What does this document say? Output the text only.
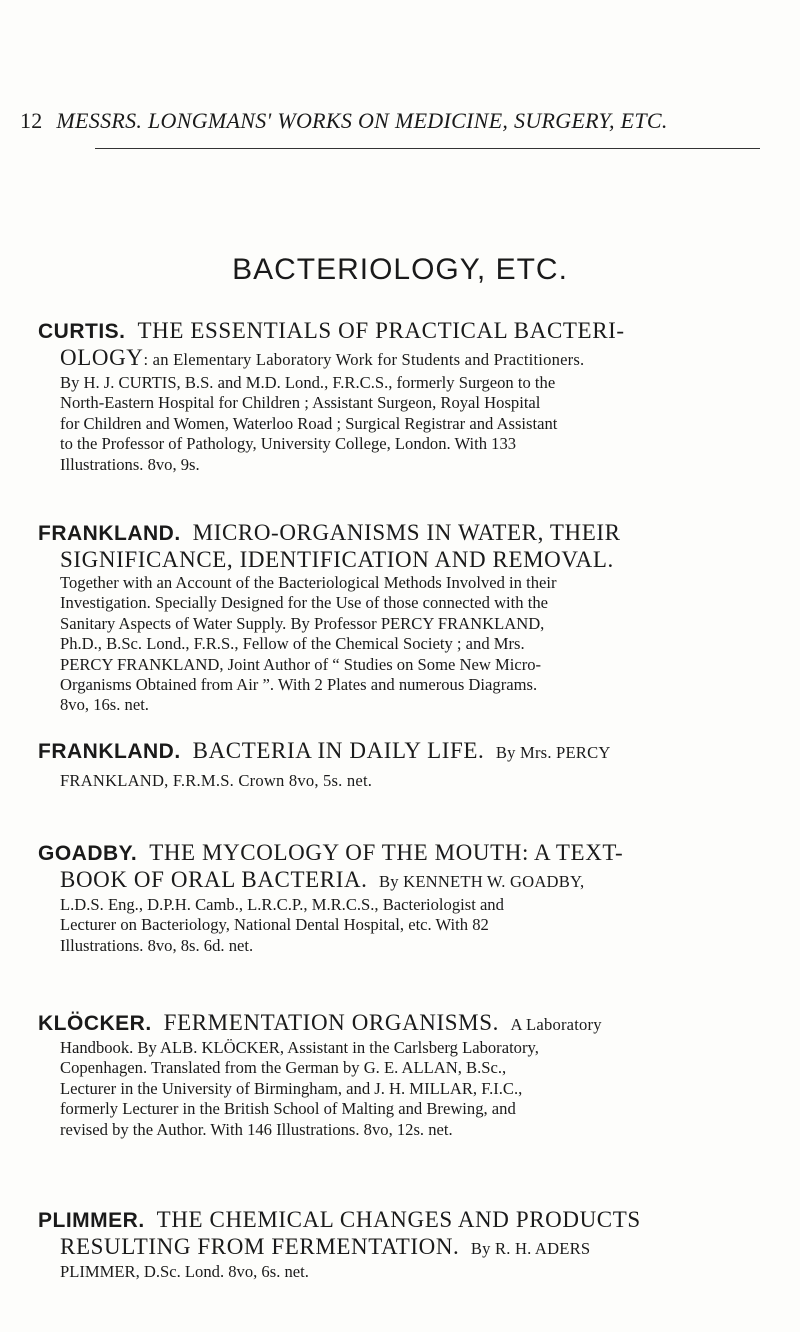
12 MESSRS. LONGMANS' WORKS ON MEDICINE, SURGERY, ETC.
BACTERIOLOGY, ETC.
CURTIS. THE ESSENTIALS OF PRACTICAL BACTERI-
OLOGY: an Elementary Laboratory Work for Students and Practitioners.
By H. J. CURTIS, B.S. and M.D. Lond., F.R.C.S., formerly Surgeon to the
North-Eastern Hospital for Children ; Assistant Surgeon, Royal Hospital
for Children and Women, Waterloo Road ; Surgical Registrar and Assistant
to the Professor of Pathology, University College, London. With 133
Illustrations. 8vo, 9s.
FRANKLAND. MICRO-ORGANISMS IN WATER, THEIR
SIGNIFICANCE, IDENTIFICATION AND REMOVAL.
Together with an Account of the Bacteriological Methods Involved in their
Investigation. Specially Designed for the Use of those connected with the
Sanitary Aspects of Water Supply. By Professor PERCY FRANKLAND,
Ph.D., B.Sc. Lond., F.R.S., Fellow of the Chemical Society ; and Mrs.
PERCY FRANKLAND, Joint Author of “ Studies on Some New Micro-
Organisms Obtained from Air ”. With 2 Plates and numerous Diagrams.
8vo, 16s. net.
FRANKLAND. BACTERIA IN DAILY LIFE. By Mrs. PERCY
FRANKLAND, F.R.M.S. Crown 8vo, 5s. net.
GOADBY. THE MYCOLOGY OF THE MOUTH: A TEXT-
BOOK OF ORAL BACTERIA. By KENNETH W. GOADBY,
L.D.S. Eng., D.P.H. Camb., L.R.C.P., M.R.C.S., Bacteriologist and
Lecturer on Bacteriology, National Dental Hospital, etc. With 82
Illustrations. 8vo, 8s. 6d. net.
KLÖCKER. FERMENTATION ORGANISMS. A Laboratory
Handbook. By ALB. KLÖCKER, Assistant in the Carlsberg Laboratory,
Copenhagen. Translated from the German by G. E. ALLAN, B.Sc.,
Lecturer in the University of Birmingham, and J. H. MILLAR, F.I.C.,
formerly Lecturer in the British School of Malting and Brewing, and
revised by the Author. With 146 Illustrations. 8vo, 12s. net.
PLIMMER. THE CHEMICAL CHANGES AND PRODUCTS
RESULTING FROM FERMENTATION. By R. H. ADERS
PLIMMER, D.Sc. Lond. 8vo, 6s. net.
